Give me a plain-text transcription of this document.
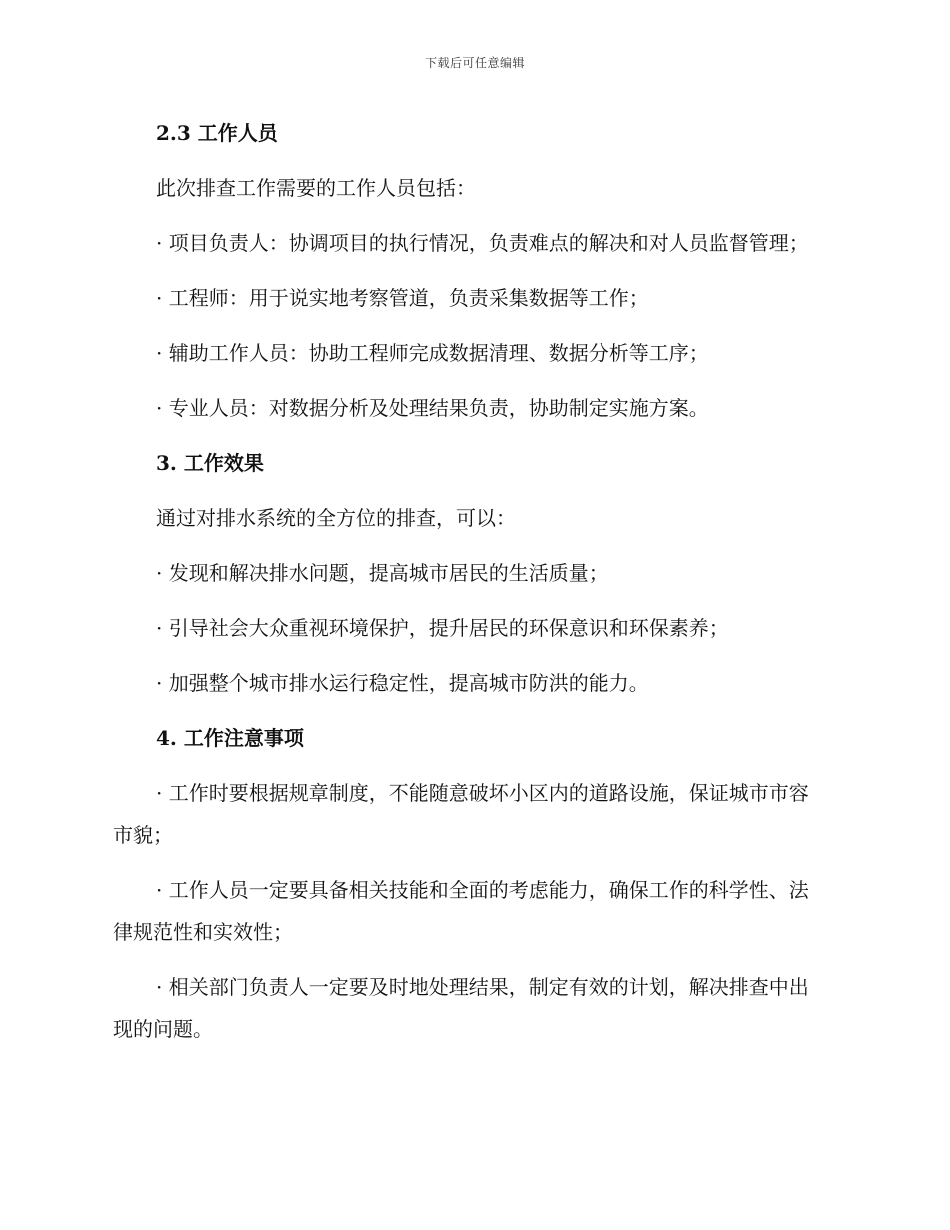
下载后可任意编辑

2.3 工作人员

此次排查工作需要的工作人员包括：

· 项目负责人：协调项目的执行情况，负责难点的解决和对人员监督管理；

· 工程师：用于说实地考察管道，负责采集数据等工作；

· 辅助工作人员：协助工程师完成数据清理、数据分析等工序；

· 专业人员：对数据分析及处理结果负责，协助制定实施方案。

3. 工作效果

通过对排水系统的全方位的排查，可以：

· 发现和解决排水问题，提高城市居民的生活质量；

· 引导社会大众重视环境保护，提升居民的环保意识和环保素养；

· 加强整个城市排水运行稳定性，提高城市防洪的能力。

4. 工作注意事项

· 工作时要根据规章制度，不能随意破坏小区内的道路设施，保证城市市容市貌；

· 工作人员一定要具备相关技能和全面的考虑能力，确保工作的科学性、法律规范性和实效性；

· 相关部门负责人一定要及时地处理结果，制定有效的计划，解决排查中出现的问题。
